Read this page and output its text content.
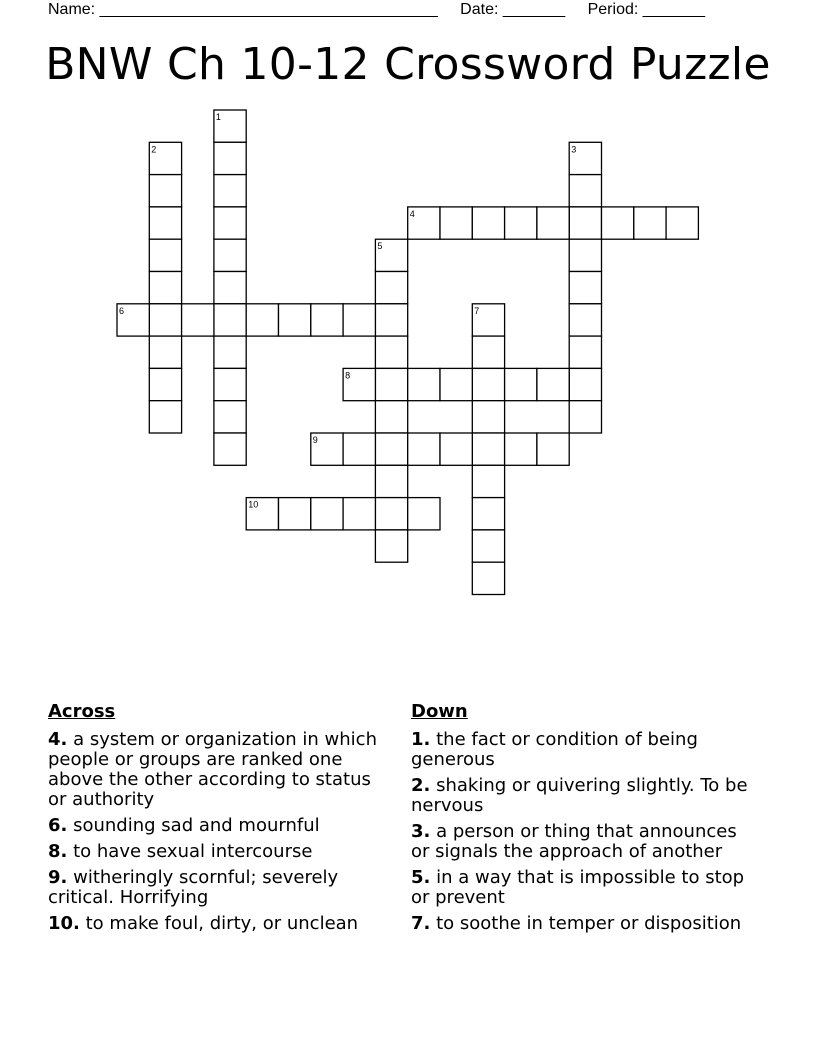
Name: ______________________________________ Date: _______ Period: _______
BNW Ch 10-12 Crossword Puzzle
1
2	3
4
5
6	7
8
9
10
Across
4. a system or organization in which people or groups are ranked one above the other according to status or authority
6. sounding sad and mournful
8. to have sexual intercourse
9. witheringly scornful; severely critical. Horrifying
10. to make foul, dirty, or unclean
Down
1. the fact or condition of being generous
2. shaking or quivering slightly. To be nervous
3. a person or thing that announces or signals the approach of another
5. in a way that is impossible to stop or prevent
7. to soothe in temper or disposition
